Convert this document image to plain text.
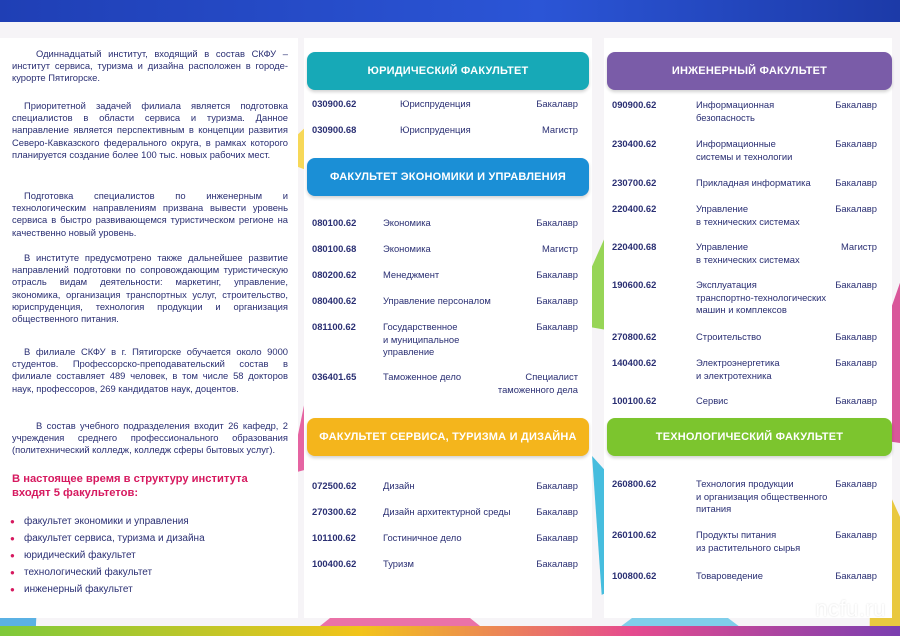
Одиннадцатый институт, входящий в состав СКФУ – институт сервиса, туризма и дизайна расположен в городе-курорте Пятигорске.

Приоритетной задачей филиала является подготовка специалистов в области сервиса и туризма. Данное направление является перспективным в концепции развития Северо-Кавказского федерального округа, в рамках которого планируется создание более 100 тыс. новых рабочих мест.

Подготовка специалистов по инженерным и технологическим направлениям призвана вывести уровень сервиса в быстро развивающемся туристическом регионе на качественно новый уровень.

В институте предусмотрено также дальнейшее развитие направлений подготовки по сопровождающим туристическую отрасль видам деятельности: маркетинг, управление, экономика, организация транспортных услуг, строительство, юриспруденция, технология продукции и организация общественного питания.

В филиале СКФУ в г. Пятигорске обучается около 9000 студентов. Профессорско-преподавательский состав в филиале составляет 489 человек, в том числе 58 докторов наук, профессоров, 269 кандидатов наук, доцентов.

В состав учебного подразделения входит 26 кафедр, 2 учреждения среднего профессионального образования (политехнический колледж, колледж сферы бытовых услуг).

В настоящее время в структуру института входят 5 факультетов:

● факультет экономики и управления
● факультет сервиса, туризма и дизайна
● юридический факультет
● технологический факультет
● инженерный факультет
ЮРИДИЧЕСКИЙ ФАКУЛЬТЕТ
030900.62	Юриспруденция	Бакалавр
030900.68	Юриспруденция	Магистр
ФАКУЛЬТЕТ ЭКОНОМИКИ И УПРАВЛЕНИЯ
080100.62	Экономика	Бакалавр
080100.68	Экономика	Магистр
080200.62	Менеджмент	Бакалавр
080400.62	Управление персоналом	Бакалавр
081100.62	Государственное
и муниципальное
управление
Бакалавр
036401.65	Таможенное дело	Специалист
таможенного дела
ФАКУЛЬТЕТ СЕРВИСА, ТУРИЗМА И ДИЗАЙНА
072500.62	Дизайн	Бакалавр
270300.62	Дизайн архитектурной среды	Бакалавр
101100.62	Гостиничное дело	Бакалавр
100400.62	Туризм	Бакалавр
ИНЖЕНЕРНЫЙ ФАКУЛЬТЕТ
090900.62	Информационная
безопасность
Бакалавр
230400.62	Информационные
системы и технологии
Бакалавр
230700.62	Прикладная информатика	Бакалавр
220400.62	Управление
в технических системах
Бакалавр
220400.68	Управление
в технических системах
Магистр
190600.62	Эксплуатация
транспортно-технологических
машин и комплексов
Бакалавр
270800.62	Строительство	Бакалавр
140400.62	Электроэнергетика
и электротехника
Бакалавр
100100.62	Сервис	Бакалавр
ТЕХНОЛОГИЧЕСКИЙ ФАКУЛЬТЕТ
260800.62	Технология продукции
и организация общественного
питания
Бакалавр
260100.62	Продукты питания
из растительного сырья
Бакалавр
100800.62	Товароведение	Бакалавр
ncfu.ru
